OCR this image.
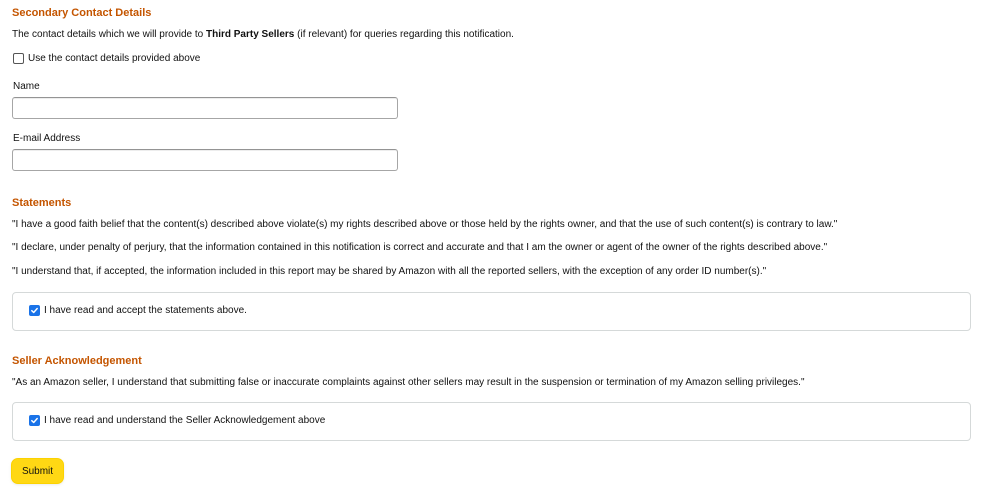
Secondary Contact Details

The contact details which we will provide to Third Party Sellers (if relevant) for queries regarding this notification.

Use the contact details provided above

Name

E-mail Address

Statements

"I have a good faith belief that the content(s) described above violate(s) my rights described above or those held by the rights owner, and that the use of such content(s) is contrary to law."

"I declare, under penalty of perjury, that the information contained in this notification is correct and accurate and that I am the owner or agent of the owner of the rights described above."

"I understand that, if accepted, the information included in this report may be shared by Amazon with all the reported sellers, with the exception of any order ID number(s)."

I have read and accept the statements above.
Seller Acknowledgement

"As an Amazon seller, I understand that submitting false or inaccurate complaints against other sellers may result in the suspension or termination of my Amazon selling privileges."

I have read and understand the Seller Acknowledgement above
Submit
